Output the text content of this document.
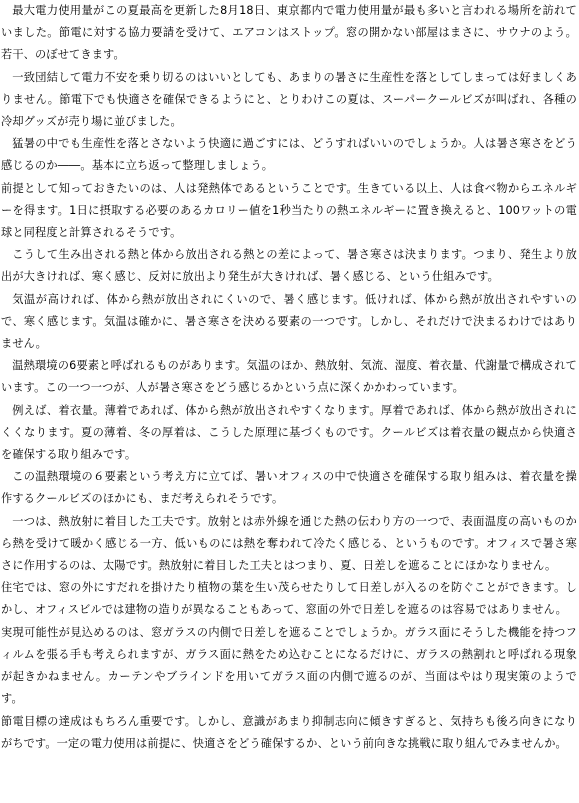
最大電力使用量がこの夏最高を更新した8月18日、東京都内で電力使用量が最も多いと言われる場所を訪れていました。節電に対する協力要請を受けて、エアコンはストップ。窓の開かない部屋はまさに、サウナのよう。若干、のぼせてきます。

一致団結して電力不安を乗り切るのはいいとしても、あまりの暑さに生産性を落としてしまっては好ましくありません。節電下でも快適さを確保できるようにと、とりわけこの夏は、スーパークールビズが叫ばれ、各種の冷却グッズが売り場に並びました。

猛暑の中でも生産性を落とさないよう快適に過ごすには、どうすればいいのでしょうか。人は暑さ寒さをどう感じるのか――。基本に立ち返って整理しましょう。

前提として知っておきたいのは、人は発熱体であるということです。生きている以上、人は食べ物からエネルギーを得ます。1日に摂取する必要のあるカロリー値を1秒当たりの熱エネルギーに置き換えると、100ワットの電球と同程度と計算されるそうです。

こうして生み出される熱と体から放出される熱との差によって、暑さ寒さは決まります。つまり、発生より放出が大きければ、寒く感じ、反対に放出より発生が大きければ、暑く感じる、という仕組みです。

気温が高ければ、体から熱が放出されにくいので、暑く感じます。低ければ、体から熱が放出されやすいので、寒く感じます。気温は確かに、暑さ寒さを決める要素の一つです。しかし、それだけで決まるわけではありません。

温熱環境の6要素と呼ばれるものがあります。気温のほか、熱放射、気流、湿度、着衣量、代謝量で構成されています。この一つ一つが、人が暑さ寒さをどう感じるかという点に深くかかわっています。

例えば、着衣量。薄着であれば、体から熱が放出されやすくなります。厚着であれば、体から熱が放出されにくくなります。夏の薄着、冬の厚着は、こうした原理に基づくものです。クールビズは着衣量の観点から快適さを確保する取り組みです。

この温熱環境の６要素という考え方に立てば、暑いオフィスの中で快適さを確保する取り組みは、着衣量を操作するクールビズのほかにも、まだ考えられそうです。

一つは、熱放射に着目した工夫です。放射とは赤外線を通じた熱の伝わり方の一つで、表面温度の高いものから熱を受けて暖かく感じる一方、低いものには熱を奪われて冷たく感じる、というものです。オフィスで暑さ寒さに作用するのは、太陽です。熱放射に着目した工夫とはつまり、夏、日差しを遮ることにほかなりません。

住宅では、窓の外にすだれを掛けたり植物の葉を生い茂らせたりして日差しが入るのを防ぐことができます。しかし、オフィスビルでは建物の造りが異なることもあって、窓面の外で日差しを遮るのは容易ではありません。

実現可能性が見込めるのは、窓ガラスの内側で日差しを遮ることでしょうか。ガラス面にそうした機能を持つフィルムを張る手も考えられますが、ガラス面に熱をため込むことになるだけに、ガラスの熱割れと呼ばれる現象が起きかねません。カーテンやブラインドを用いてガラス面の内側で遮るのが、当面はやはり現実策のようです。

節電目標の達成はもちろん重要です。しかし、意識があまり抑制志向に傾きすぎると、気持ちも後ろ向きになりがちです。一定の電力使用は前提に、快適さをどう確保するか、という前向きな挑戦に取り組んでみませんか。
